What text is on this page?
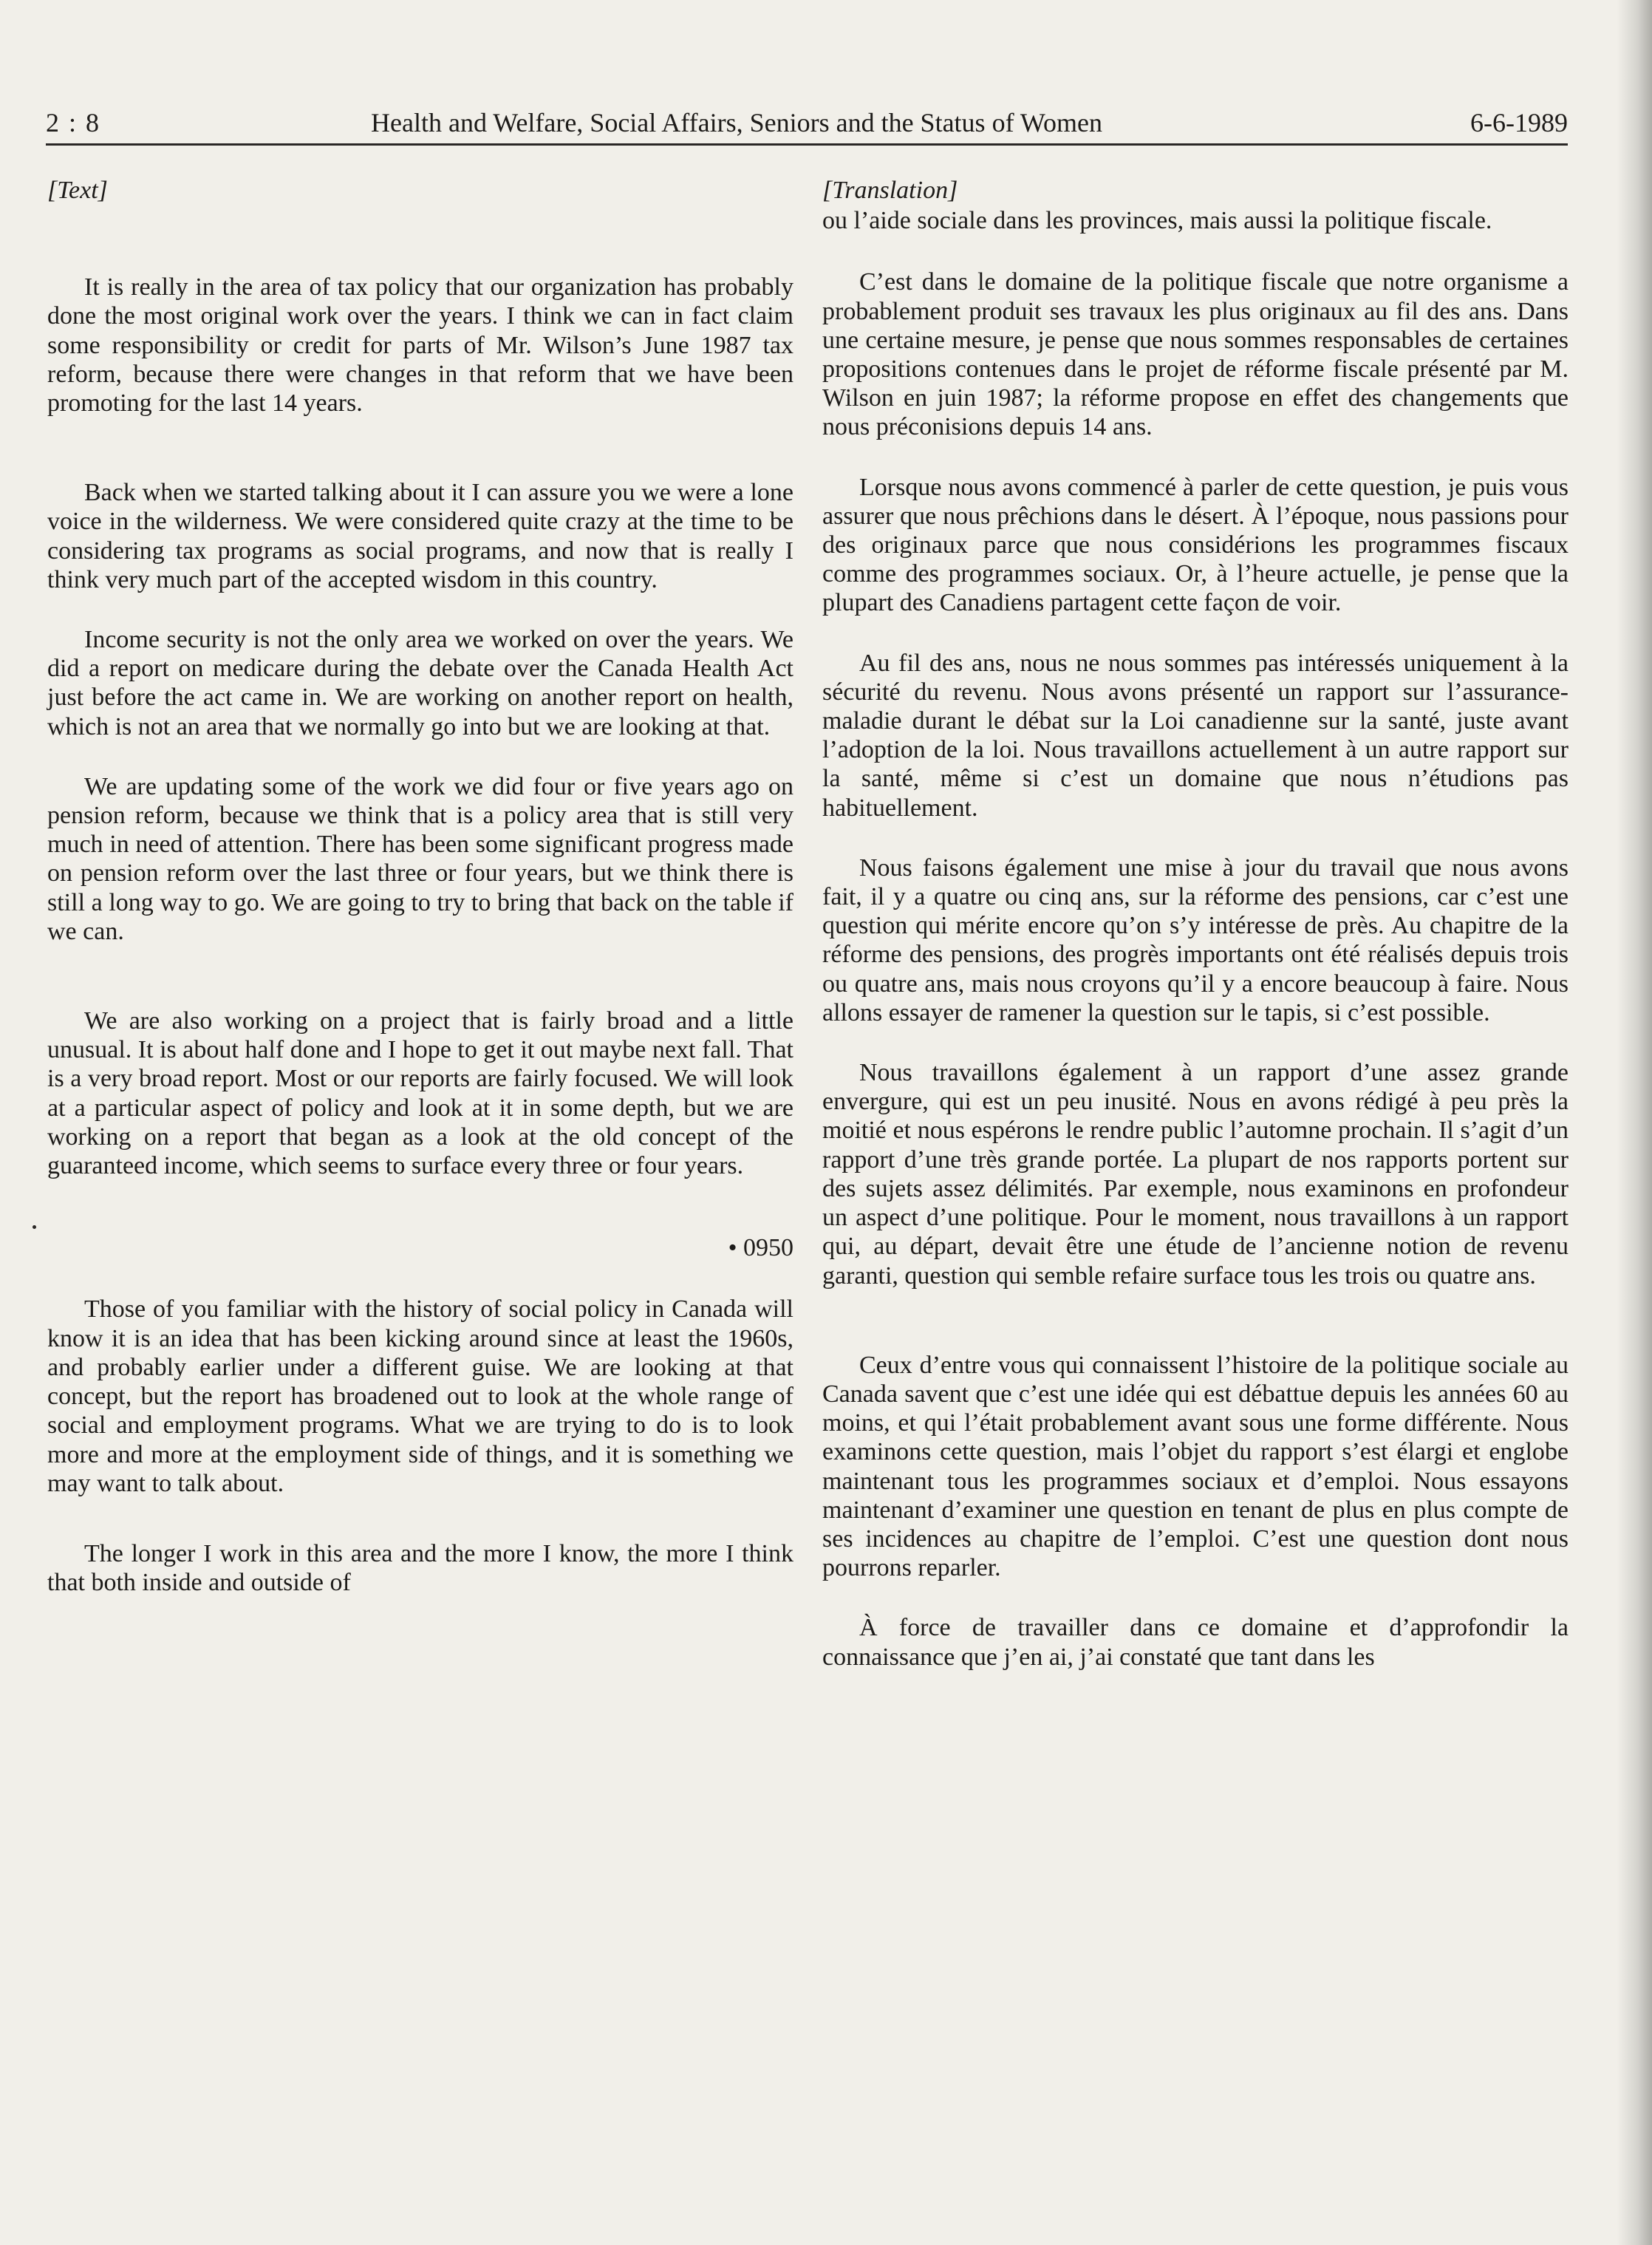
2 : 8	Health and Welfare, Social Affairs, Seniors and the Status of Women	6-6-1989
[Text]

It is really in the area of tax policy that our organization has probably done the most original work over the years. I think we can in fact claim some responsibility or credit for parts of Mr. Wilson’s June 1987 tax reform, because there were changes in that reform that we have been promoting for the last 14 years.

Back when we started talking about it I can assure you we were a lone voice in the wilderness. We were considered quite crazy at the time to be considering tax programs as social programs, and now that is really I think very much part of the accepted wisdom in this country.

Income security is not the only area we worked on over the years. We did a report on medicare during the debate over the Canada Health Act just before the act came in. We are working on another report on health, which is not an area that we normally go into but we are looking at that.

We are updating some of the work we did four or five years ago on pension reform, because we think that is a policy area that is still very much in need of attention. There has been some significant progress made on pension reform over the last three or four years, but we think there is still a long way to go. We are going to try to bring that back on the table if we can.

We are also working on a project that is fairly broad and a little unusual. It is about half done and I hope to get it out maybe next fall. That is a very broad report. Most or our reports are fairly focused. We will look at a particular aspect of policy and look at it in some depth, but we are working on a report that began as a look at the old concept of the guaranteed income, which seems to surface every three or four years.

• 0950

Those of you familiar with the history of social policy in Canada will know it is an idea that has been kicking around since at least the 1960s, and probably earlier under a different guise. We are looking at that concept, but the report has broadened out to look at the whole range of social and employment programs. What we are trying to do is to look more and more at the employment side of things, and it is something we may want to talk about.

The longer I work in this area and the more I know, the more I think that both inside and outside of

[Translation]

ou l’aide sociale dans les provinces, mais aussi la politique fiscale.

C’est dans le domaine de la politique fiscale que notre organisme a probablement produit ses travaux les plus originaux au fil des ans. Dans une certaine mesure, je pense que nous sommes responsables de certaines propositions contenues dans le projet de réforme fiscale présenté par M. Wilson en juin 1987; la réforme propose en effet des changements que nous préconisions depuis 14 ans.

Lorsque nous avons commencé à parler de cette question, je puis vous assurer que nous prêchions dans le désert. À l’époque, nous passions pour des originaux parce que nous considérions les programmes fiscaux comme des programmes sociaux. Or, à l’heure actuelle, je pense que la plupart des Canadiens partagent cette façon de voir.

Au fil des ans, nous ne nous sommes pas intéressés uniquement à la sécurité du revenu. Nous avons présenté un rapport sur l’assurance-maladie durant le débat sur la Loi canadienne sur la santé, juste avant l’adoption de la loi. Nous travaillons actuellement à un autre rapport sur la santé, même si c’est un domaine que nous n’étudions pas habituellement.

Nous faisons également une mise à jour du travail que nous avons fait, il y a quatre ou cinq ans, sur la réforme des pensions, car c’est une question qui mérite encore qu’on s’y intéresse de près. Au chapitre de la réforme des pensions, des progrès importants ont été réalisés depuis trois ou quatre ans, mais nous croyons qu’il y a encore beaucoup à faire. Nous allons essayer de ramener la question sur le tapis, si c’est possible.

Nous travaillons également à un rapport d’une assez grande envergure, qui est un peu inusité. Nous en avons rédigé à peu près la moitié et nous espérons le rendre public l’automne prochain. Il s’agit d’un rapport d’une très grande portée. La plupart de nos rapports portent sur des sujets assez délimités. Par exemple, nous examinons en profondeur un aspect d’une politique. Pour le moment, nous travaillons à un rapport qui, au départ, devait être une étude de l’ancienne notion de revenu garanti, question qui semble refaire surface tous les trois ou quatre ans.

Ceux d’entre vous qui connaissent l’histoire de la politique sociale au Canada savent que c’est une idée qui est débattue depuis les années 60 au moins, et qui l’était probablement avant sous une forme différente. Nous examinons cette question, mais l’objet du rapport s’est élargi et englobe maintenant tous les programmes sociaux et d’emploi. Nous essayons maintenant d’examiner une question en tenant de plus en plus compte de ses incidences au chapitre de l’emploi. C’est une question dont nous pourrons reparler.

À force de travailler dans ce domaine et d’approfondir la connaissance que j’en ai, j’ai constaté que tant dans les
